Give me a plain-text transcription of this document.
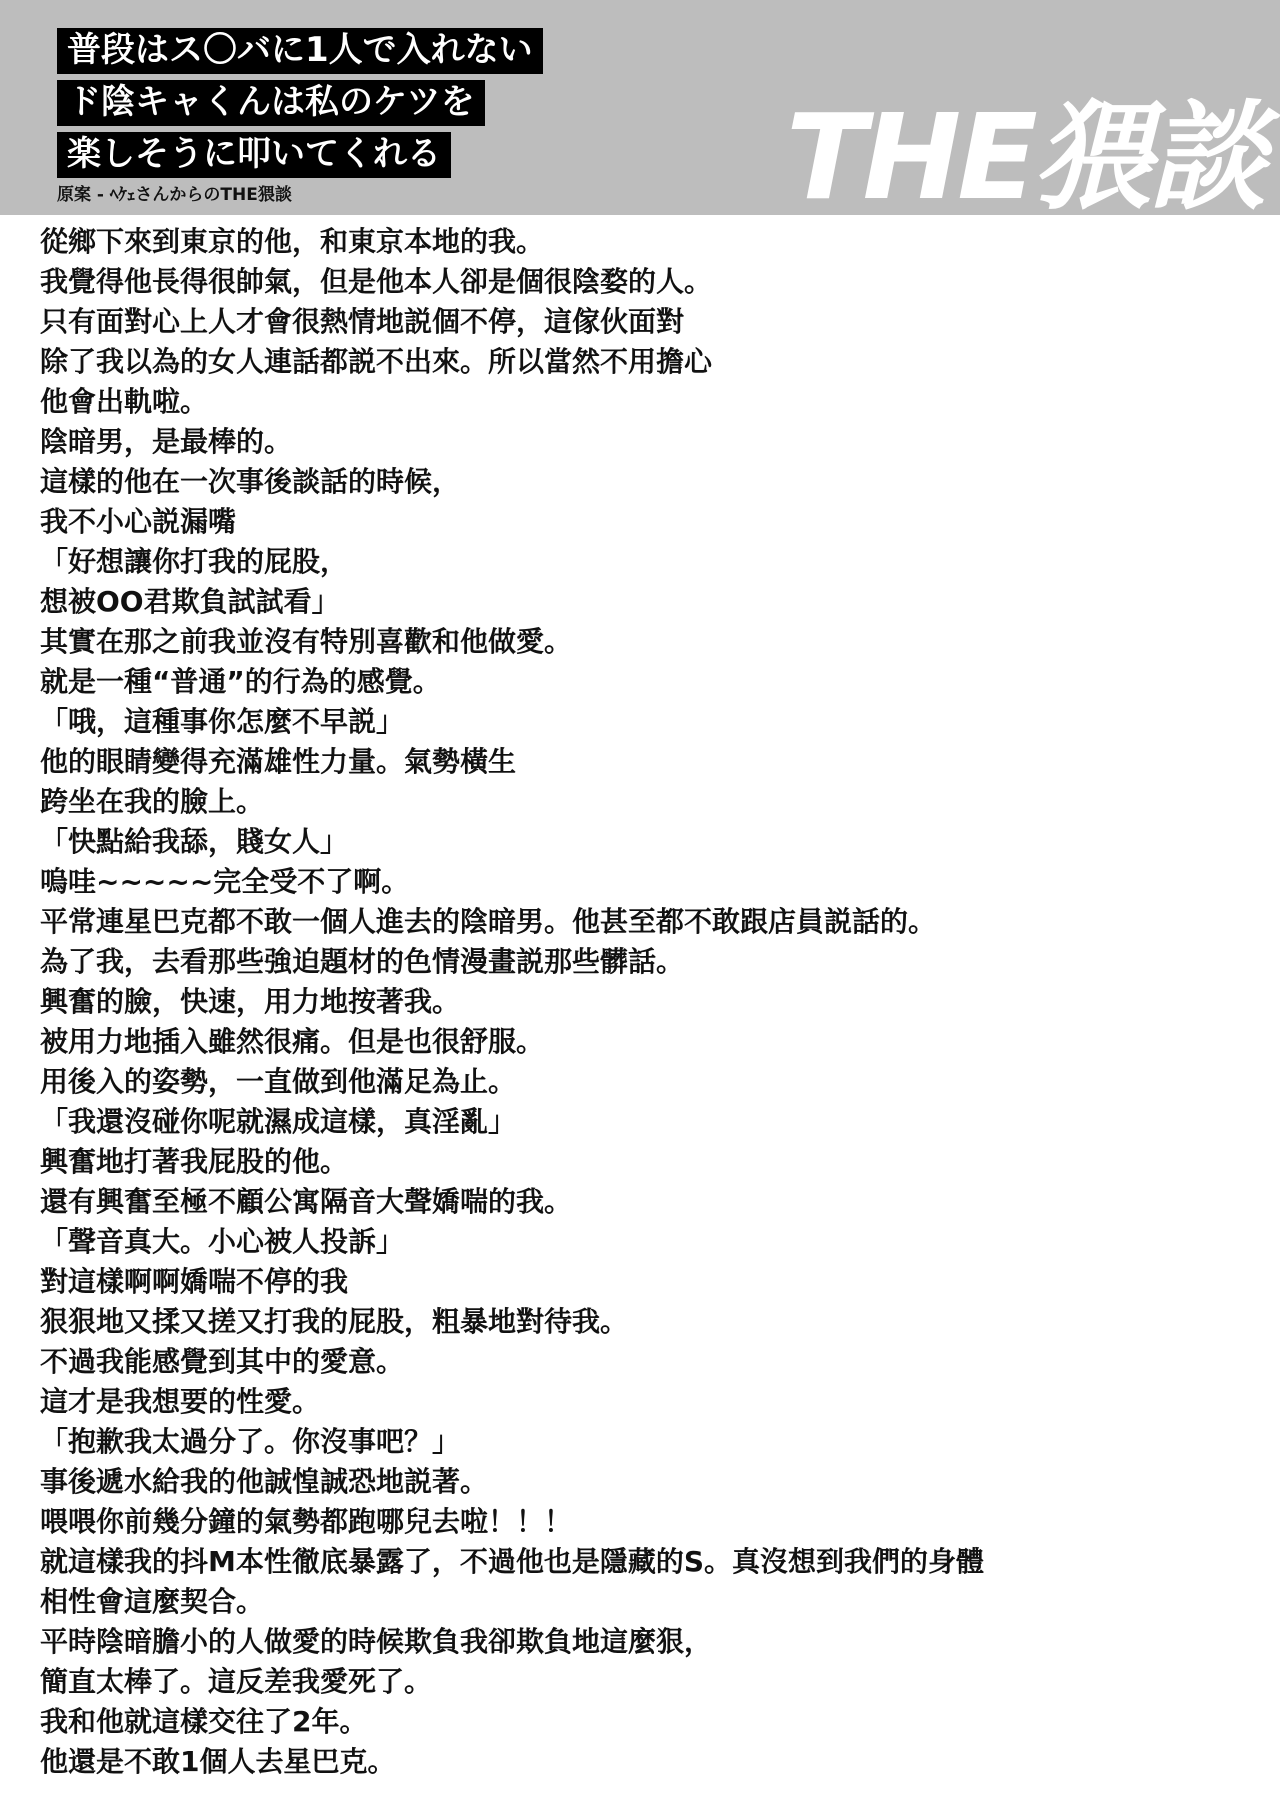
普段はス〇バに1人で入れない
ド陰キャくんは私のケツを
楽しそうに叩いてくれる
原案 - ﾍｹｪさんからのTHE猥談	THE猥談
從鄉下來到東京的他，和東京本地的我。
我覺得他長得很帥氣，但是他本人卻是個很陰婺的人。
只有面對心上人才會很熱情地説個不停，這傢伙面對
除了我以為的女人連話都説不出來。所以當然不用擔心
他會出軌啦。
陰暗男，是最棒的。
這樣的他在一次事後談話的時候，
我不小心説漏嘴
「好想讓你打我的屁股，
想被OO君欺負試試看」
其實在那之前我並沒有特別喜歡和他做愛。
就是一種“普通”的行為的感覺。
「哦，這種事你怎麼不早説」
他的眼睛變得充滿雄性力量。氣勢橫生
跨坐在我的臉上。
「快點給我舔，賤女人」
嗚哇~~~~~完全受不了啊。
平常連星巴克都不敢一個人進去的陰暗男。他甚至都不敢跟店員説話的。
為了我，去看那些強迫題材的色情漫畫説那些髒話。
興奮的臉，快速，用力地按著我。
被用力地插入雖然很痛。但是也很舒服。
用後入的姿勢，一直做到他滿足為止。
「我還沒碰你呢就濕成這樣，真淫亂」
興奮地打著我屁股的他。
還有興奮至極不顧公寓隔音大聲嬌喘的我。
「聲音真大。小心被人投訴」
對這樣啊啊嬌喘不停的我
狠狠地又揉又搓又打我的屁股，粗暴地對待我。
不過我能感覺到其中的愛意。
這才是我想要的性愛。
「抱歉我太過分了。你沒事吧？」
事後遞水給我的他誠惶誠恐地説著。
喂喂你前幾分鐘的氣勢都跑哪兒去啦！！！
就這樣我的抖M本性徹底暴露了，不過他也是隱藏的S。真沒想到我們的身體
相性會這麼契合。
平時陰暗膽小的人做愛的時候欺負我卻欺負地這麼狠，
簡直太棒了。這反差我愛死了。
我和他就這樣交往了2年。
他還是不敢1個人去星巴克。
